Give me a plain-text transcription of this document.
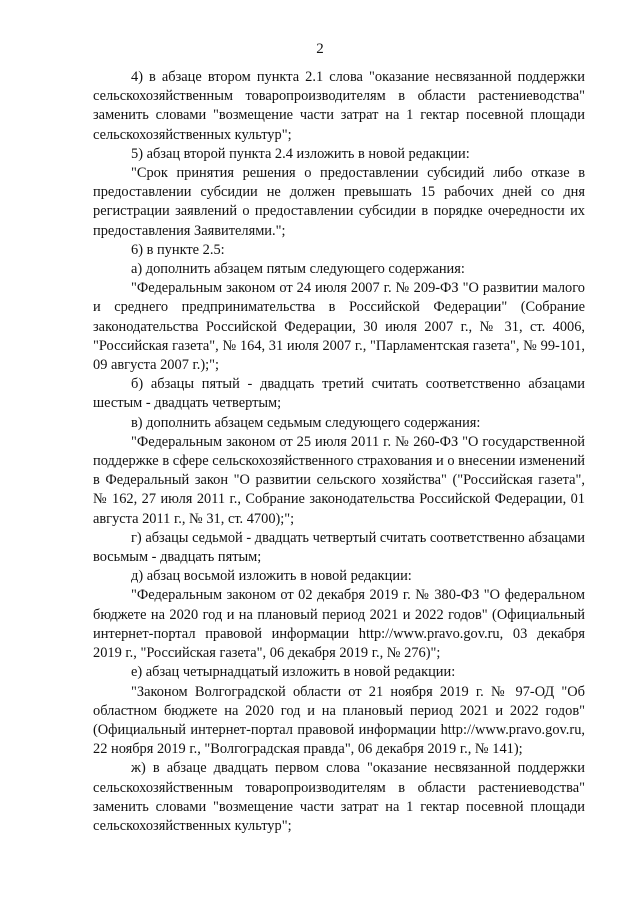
2

4) в абзаце втором пункта 2.1 слова "оказание несвязанной поддержки сельскохозяйственным товаропроизводителям в области растениеводства" заменить словами "возмещение части затрат на 1 гектар посевной площади сельскохозяйственных культур";

5) абзац второй пункта 2.4 изложить в новой редакции:

"Срок принятия решения о предоставлении субсидий либо отказе в предоставлении субсидии не должен превышать 15 рабочих дней со дня регистрации заявлений о предоставлении субсидии в порядке очередности их предоставления Заявителями.";

6) в пункте 2.5:

а) дополнить абзацем пятым следующего содержания:

"Федеральным законом от 24 июля 2007 г. № 209-ФЗ "О развитии малого и среднего предпринимательства в Российской Федерации" (Собрание законодательства Российской Федерации, 30 июля 2007 г., № 31, ст. 4006, "Российская газета", № 164, 31 июля 2007 г., "Парламентская газета", № 99-101, 09 августа 2007 г.);";

б) абзацы пятый - двадцать третий считать соответственно абзацами шестым - двадцать четвертым;

в) дополнить абзацем седьмым следующего содержания:

"Федеральным законом от 25 июля 2011 г. № 260-ФЗ "О государственной поддержке в сфере сельскохозяйственного страхования и о внесении изменений в Федеральный закон "О развитии сельского хозяйства" ("Российская газета", № 162, 27 июля 2011 г., Собрание законодательства Российской Федерации, 01 августа 2011 г., № 31, ст. 4700);";

г) абзацы седьмой - двадцать четвертый считать соответственно абзацами восьмым - двадцать пятым;

д) абзац восьмой изложить в новой редакции:

"Федеральным законом от 02 декабря 2019 г. № 380-ФЗ "О федеральном бюджете на 2020 год и на плановый период 2021 и 2022 годов" (Официальный интернет-портал правовой информации http://www.pravo.gov.ru, 03 декабря 2019 г., "Российская газета", 06 декабря 2019 г., № 276)";

е) абзац четырнадцатый изложить в новой редакции:

"Законом Волгоградской области от 21 ноября 2019 г. № 97-ОД "Об областном бюджете на 2020 год и на плановый период 2021 и 2022 годов" (Официальный интернет-портал правовой информации http://www.pravo.gov.ru, 22 ноября 2019 г., "Волгоградская правда", 06 декабря 2019 г., № 141);

ж) в абзаце двадцать первом слова "оказание несвязанной поддержки сельскохозяйственным товаропроизводителям в области растениеводства" заменить словами "возмещение части затрат на 1 гектар посевной площади сельскохозяйственных культур";
